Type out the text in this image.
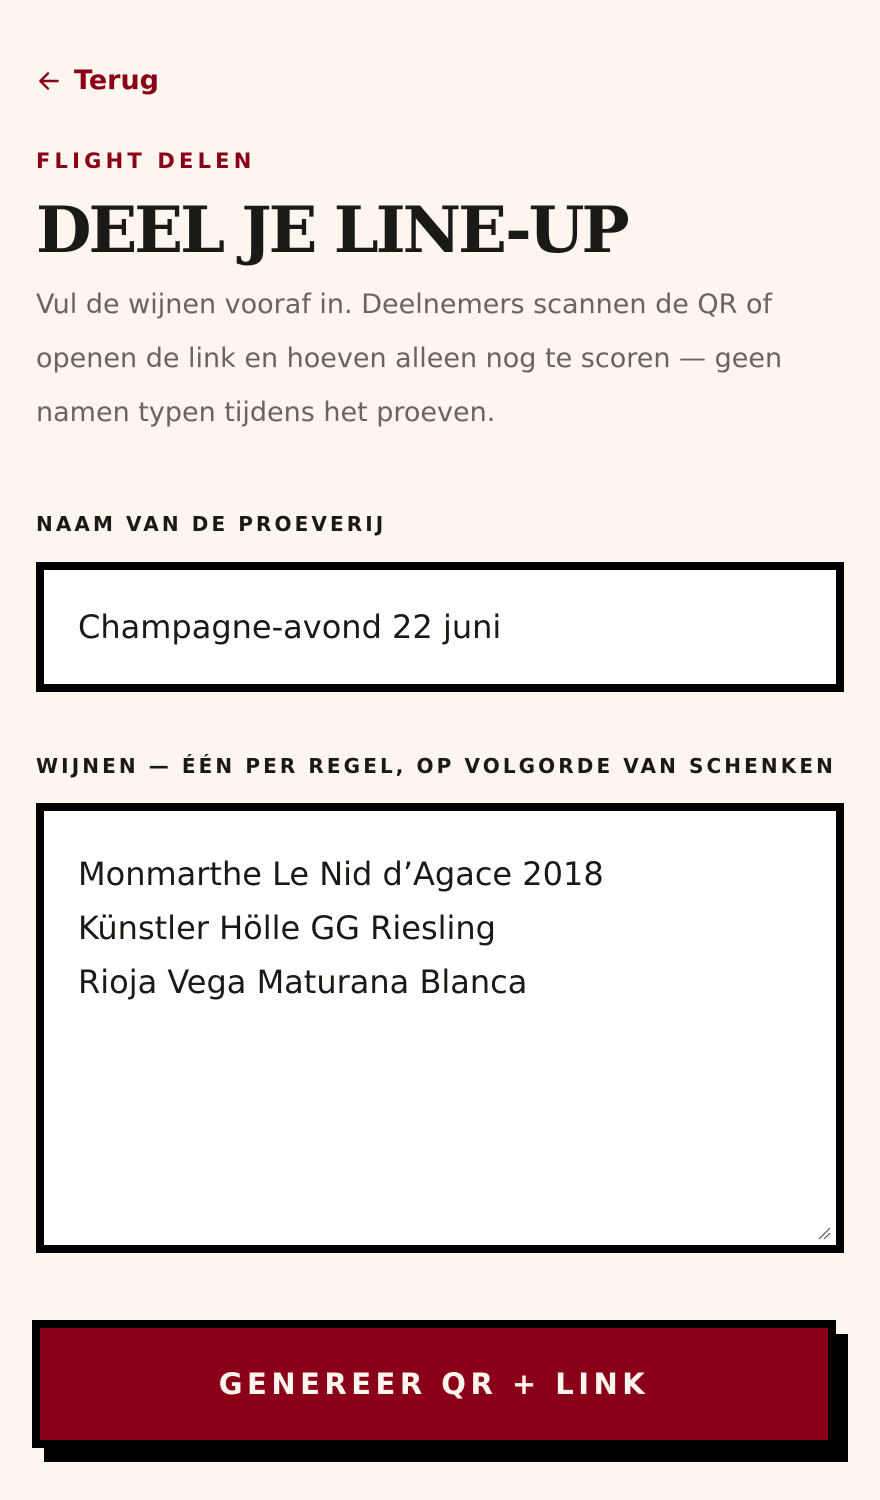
Terug

FLIGHT DELEN

DEEL JE LINE-UP

Vul de wijnen vooraf in. Deelnemers scannen de QR of openen de link en hoeven alleen nog te scoren — geen namen typen tijdens het proeven.

NAAM VAN DE PROEVERIJ
Champagne-avond 22 juni
WIJNEN — ÉÉN PER REGEL, OP VOLGORDE VAN SCHENKEN
Monmarthe Le Nid d’Agace 2018
Künstler Hölle GG Riesling
Rioja Vega Maturana Blanca
GENEREER QR + LINK
